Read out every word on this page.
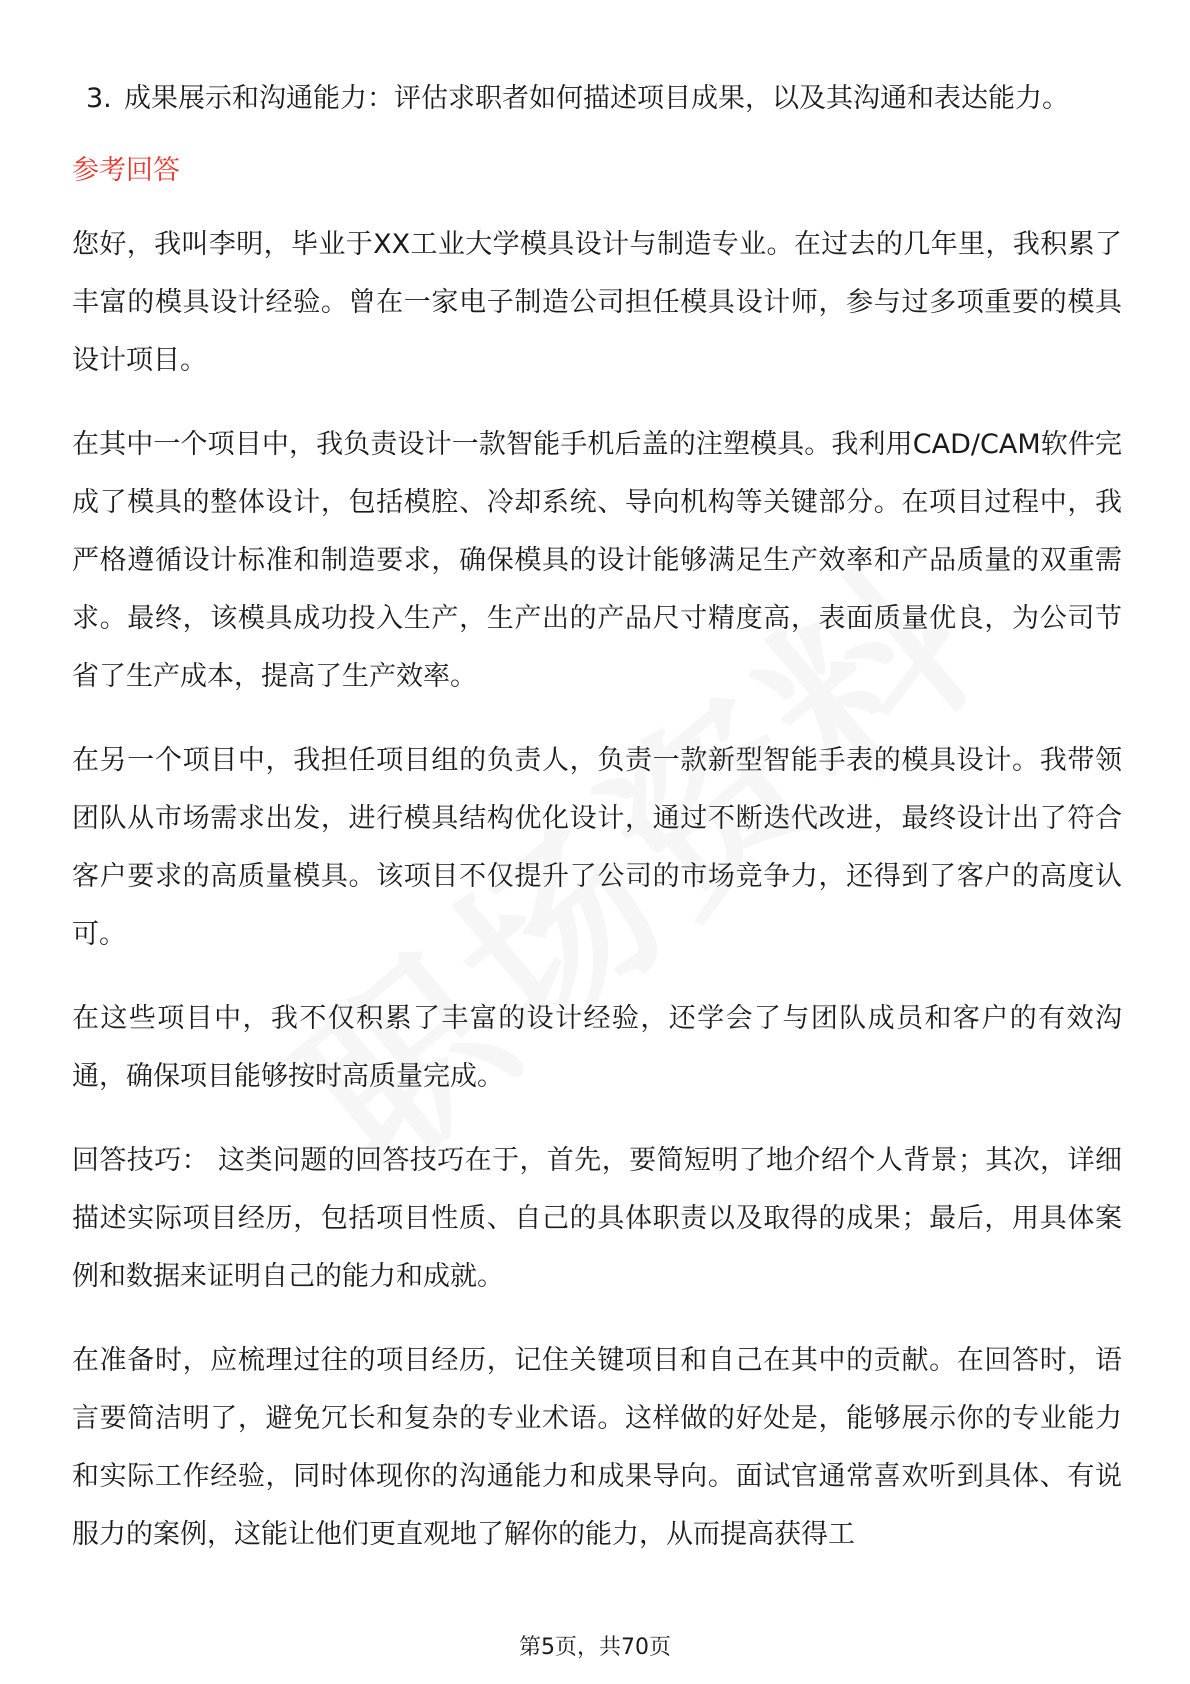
3. 成果展示和沟通能力：评估求职者如何描述项目成果，以及其沟通和表达能力。
参考回答

您好，我叫李明，毕业于XX工业大学模具设计与制造专业。在过去的几年里，我积累了丰富的模具设计经验。曾在一家电子制造公司担任模具设计师，参与过多项重要的模具设计项目。

在其中一个项目中，我负责设计一款智能手机后盖的注塑模具。我利用CAD/CAM软件完成了模具的整体设计，包括模腔、冷却系统、导向机构等关键部分。在项目过程中，我严格遵循设计标准和制造要求，确保模具的设计能够满足生产效率和产品质量的双重需求。最终，该模具成功投入生产，生产出的产品尺寸精度高，表面质量优良，为公司节省了生产成本，提高了生产效率。

在另一个项目中，我担任项目组的负责人，负责一款新型智能手表的模具设计。我带领团队从市场需求出发，进行模具结构优化设计，通过不断迭代改进，最终设计出了符合客户要求的高质量模具。该项目不仅提升了公司的市场竞争力，还得到了客户的高度认可。

在这些项目中，我不仅积累了丰富的设计经验，还学会了与团队成员和客户的有效沟通，确保项目能够按时高质量完成。

回答技巧： 这类问题的回答技巧在于，首先，要简短明了地介绍个人背景；其次，详细描述实际项目经历，包括项目性质、自己的具体职责以及取得的成果；最后，用具体案例和数据来证明自己的能力和成就。

在准备时，应梳理过往的项目经历，记住关键项目和自己在其中的贡献。在回答时，语言要简洁明了，避免冗长和复杂的专业术语。这样做的好处是，能够展示你的专业能力和实际工作经验，同时体现你的沟通能力和成果导向。面试官通常喜欢听到具体、有说服力的案例，这能让他们更直观地了解你的能力，从而提高获得工

第5页，共70页
